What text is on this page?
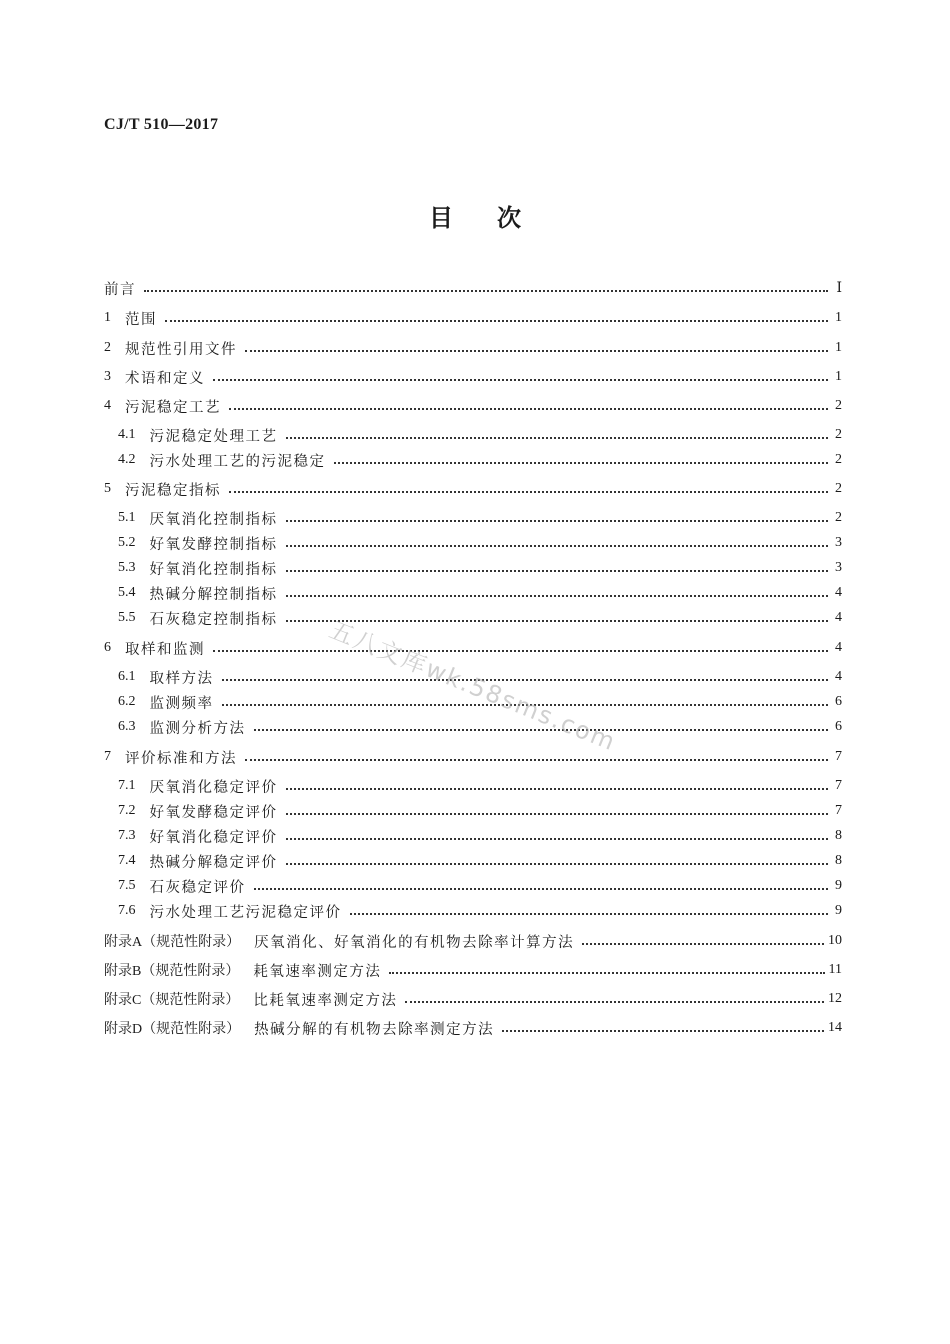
CJ/T 510—2017
目次
前言	Ⅰ
1 范围	1
2 规范性引用文件	1
3 术语和定义	1
4 污泥稳定工艺	2
4.1 污泥稳定处理工艺	2
4.2 污水处理工艺的污泥稳定	2
5 污泥稳定指标	2
5.1 厌氧消化控制指标	2
5.2 好氧发酵控制指标	3
5.3 好氧消化控制指标	3
5.4 热碱分解控制指标	4
5.5 石灰稳定控制指标	4
6 取样和监测	4
6.1 取样方法	4
6.2 监测频率	6
6.3 监测分析方法	6
7 评价标准和方法	7
7.1 厌氧消化稳定评价	7
7.2 好氧发酵稳定评价	7
7.3 好氧消化稳定评价	8
7.4 热碱分解稳定评价	8
7.5 石灰稳定评价	9
7.6 污水处理工艺污泥稳定评价	9
附录A（规范性附录） 厌氧消化、好氧消化的有机物去除率计算方法	10
附录B（规范性附录） 耗氧速率测定方法	11
附录C（规范性附录） 比耗氧速率测定方法	12
附录D（规范性附录） 热碱分解的有机物去除率测定方法	14
五八文库wk.58sms.com
